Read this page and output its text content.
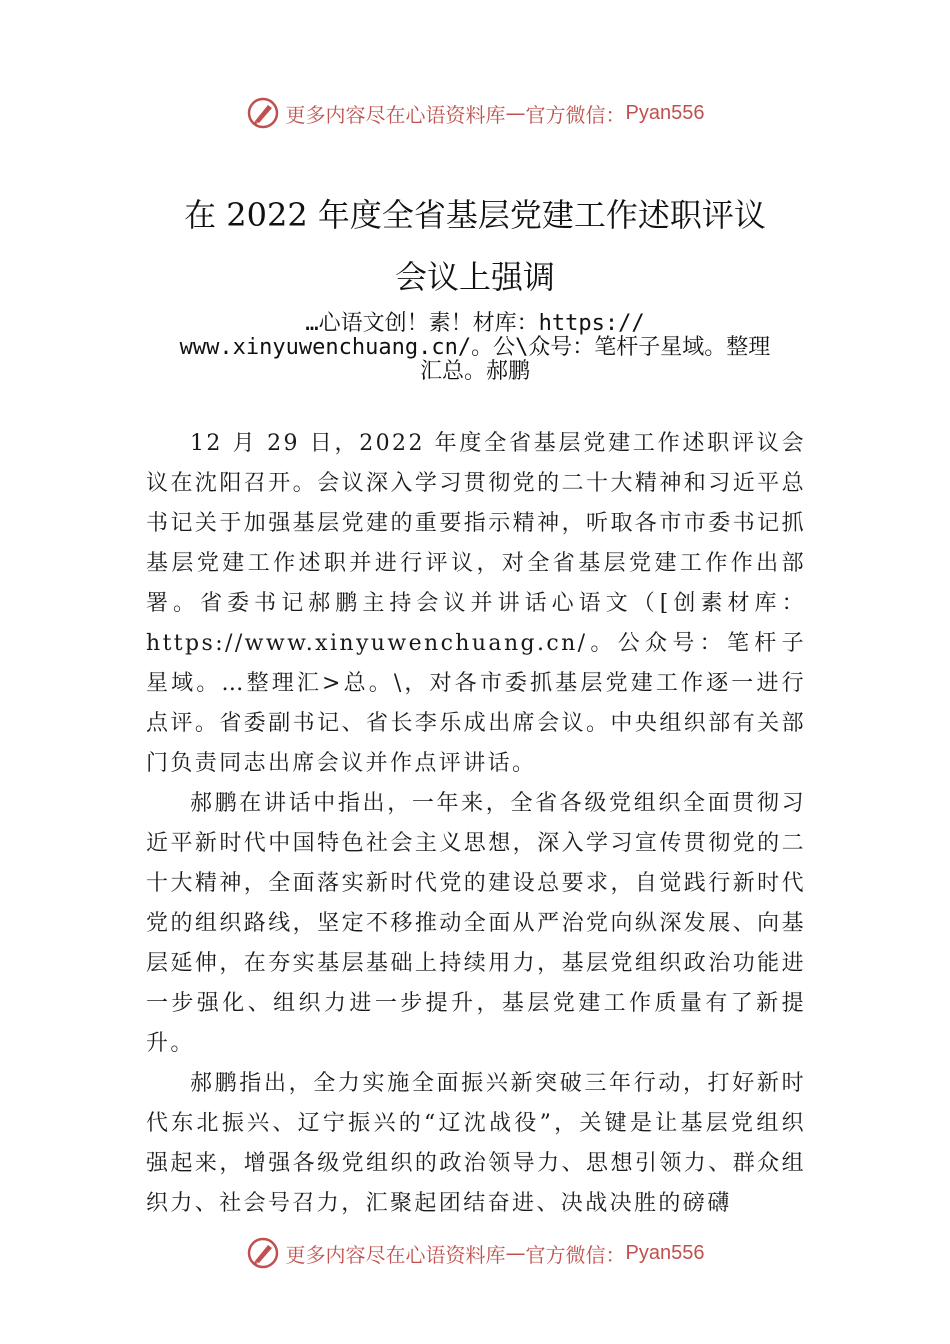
更多内容尽在心语资料库 — 官方微信： Pyan556
在 2022 年度全省基层党建工作述职评议
会议上强调
…心语文创！素！材库：https://
www.xinyuwenchuang.cn/。公\众号：笔杆子星域。整理
汇总。郝鹏

12 月 29 日，2022 年度全省基层党建工作述职评议会议在沈阳召开。会议深入学习贯彻党的二十大精神和习近平总书记关于加强基层党建的重要指示精神，听取各市市委书记抓基层党建工作述职并进行评议，对全省基层党建工作作出部署。省委书记郝鹏主持会议并讲话心语文（[创素材库：https://www.xinyuwenchuang.cn/。公众号：笔杆子星域。…整理汇>总。\，对各市委抓基层党建工作逐一进行点评。省委副书记、省长李乐成出席会议。中央组织部有关部门负责同志出席会议并作点评讲话。

郝鹏在讲话中指出，一年来，全省各级党组织全面贯彻习近平新时代中国特色社会主义思想，深入学习宣传贯彻党的二十大精神，全面落实新时代党的建设总要求，自觉践行新时代党的组织路线，坚定不移推动全面从严治党向纵深发展、向基层延伸，在夯实基层基础上持续用力，基层党组织政治功能进一步强化、组织力进一步提升，基层党建工作质量有了新提升。

郝鹏指出，全力实施全面振兴新突破三年行动，打好新时代东北振兴、辽宁振兴的“辽沈战役”，关键是让基层党组织强起来，增强各级党组织的政治领导力、思想引领力、群众组织力、社会号召力，汇聚起团结奋进、决战决胜的磅礴

更多内容尽在心语资料库 — 官方微信： Pyan556
